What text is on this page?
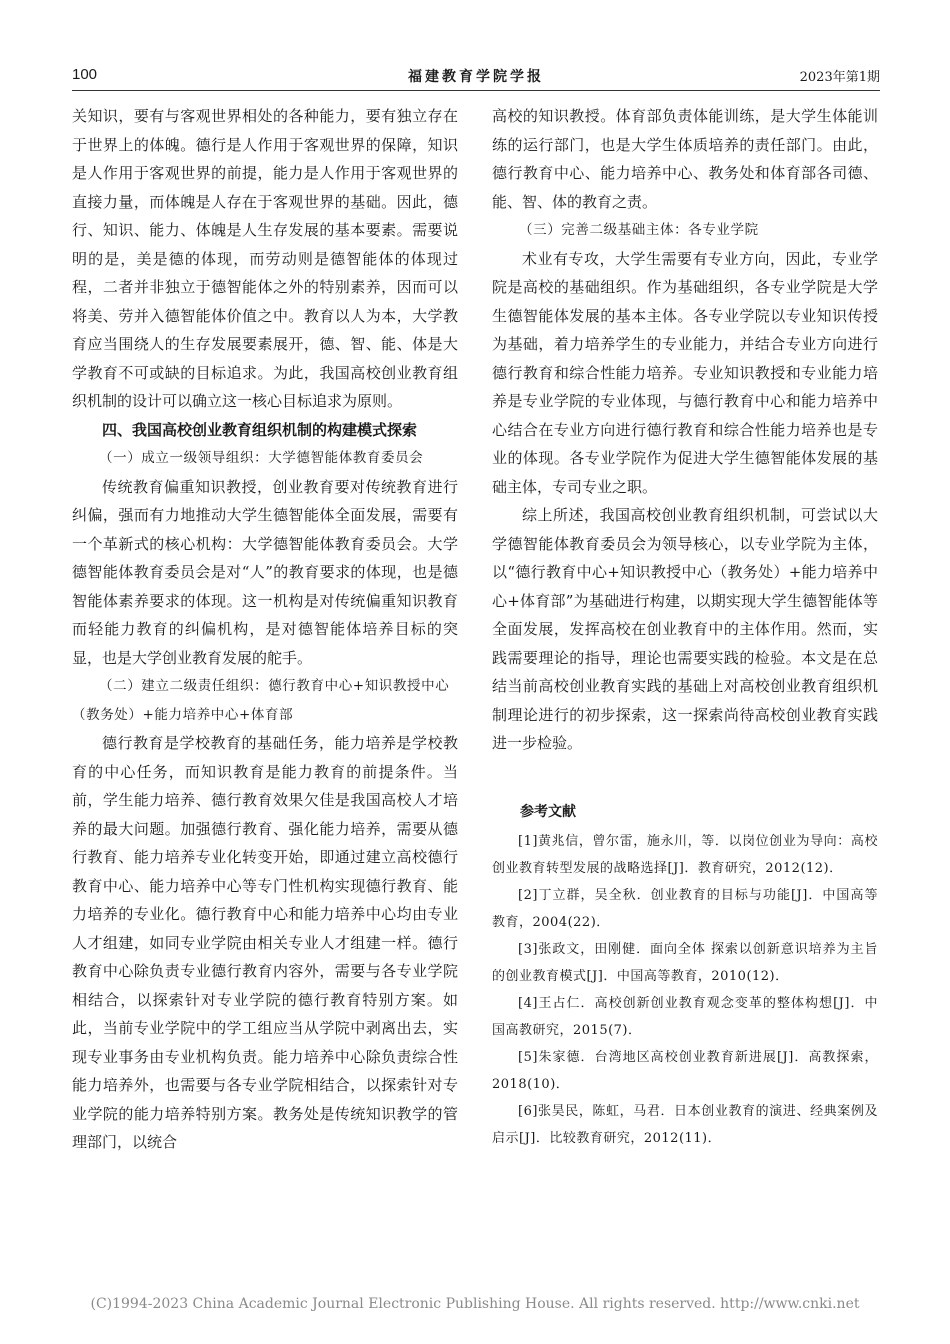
100	福建教育学院学报	2023年第1期

关知识，要有与客观世界相处的各种能力，要有独立存在于世界上的体魄。德行是人作用于客观世界的保障，知识是人作用于客观世界的前提，能力是人作用于客观世界的直接力量，而体魄是人存在于客观世界的基础。因此，德行、知识、能力、体魄是人生存发展的基本要素。需要说明的是，美是德的体现，而劳动则是德智能体的体现过程，二者并非独立于德智能体之外的特别素养，因而可以将美、劳并入德智能体价值之中。教育以人为本，大学教育应当围绕人的生存发展要素展开，德、智、能、体是大学教育不可或缺的目标追求。为此，我国高校创业教育组织机制的设计可以确立这一核心目标追求为原则。

四、我国高校创业教育组织机制的构建模式探索
（一）成立一级领导组织：大学德智能体教育委员会

传统教育偏重知识教授，创业教育要对传统教育进行纠偏，强而有力地推动大学生德智能体全面发展，需要有一个革新式的核心机构：大学德智能体教育委员会。大学德智能体教育委员会是对“人”的教育要求的体现，也是德智能体素养要求的体现。这一机构是对传统偏重知识教育而轻能力教育的纠偏机构，是对德智能体培养目标的突显，也是大学创业教育发展的舵手。

（二）建立二级责任组织：德行教育中心+知识教授中心（教务处）+能力培养中心+体育部

德行教育是学校教育的基础任务，能力培养是学校教育的中心任务，而知识教育是能力教育的前提条件。当前，学生能力培养、德行教育效果欠佳是我国高校人才培养的最大问题。加强德行教育、强化能力培养，需要从德行教育、能力培养专业化转变开始，即通过建立高校德行教育中心、能力培养中心等专门性机构实现德行教育、能力培养的专业化。德行教育中心和能力培养中心均由专业人才组建，如同专业学院由相关专业人才组建一样。德行教育中心除负责专业德行教育内容外，需要与各专业学院相结合，以探索针对专业学院的德行教育特别方案。如此，当前专业学院中的学工组应当从学院中剥离出去，实现专业事务由专业机构负责。能力培养中心除负责综合性能力培养外，也需要与各专业学院相结合，以探索针对专业学院的能力培养特别方案。教务处是传统知识教学的管理部门，以统合

高校的知识教授。体育部负责体能训练，是大学生体能训练的运行部门，也是大学生体质培养的责任部门。由此，德行教育中心、能力培养中心、教务处和体育部各司德、能、智、体的教育之责。

（三）完善二级基础主体：各专业学院

术业有专攻，大学生需要有专业方向，因此，专业学院是高校的基础组织。作为基础组织，各专业学院是大学生德智能体发展的基本主体。各专业学院以专业知识传授为基础，着力培养学生的专业能力，并结合专业方向进行德行教育和综合性能力培养。专业知识教授和专业能力培养是专业学院的专业体现，与德行教育中心和能力培养中心结合在专业方向进行德行教育和综合性能力培养也是专业的体现。各专业学院作为促进大学生德智能体发展的基础主体，专司专业之职。

综上所述，我国高校创业教育组织机制，可尝试以大学德智能体教育委员会为领导核心，以专业学院为主体，以“德行教育中心+知识教授中心（教务处）+能力培养中心+体育部”为基础进行构建，以期实现大学生德智能体等全面发展，发挥高校在创业教育中的主体作用。然而，实践需要理论的指导，理论也需要实践的检验。本文是在总结当前高校创业教育实践的基础上对高校创业教育组织机制理论进行的初步探索，这一探索尚待高校创业教育实践进一步检验。

参考文献
[1]黄兆信，曾尔雷，施永川，等．以岗位创业为导向：高校创业教育转型发展的战略选择[J]．教育研究，2012(12)．
[2]丁立群，吴全秋．创业教育的目标与功能[J]．中国高等教育，2004(22)．
[3]张政文，田刚健．面向全体 探索以创新意识培养为主旨的创业教育模式[J]．中国高等教育，2010(12)．
[4]王占仁．高校创新创业教育观念变革的整体构想[J]．中国高教研究，2015(7)．
[5]朱家德．台湾地区高校创业教育新进展[J]．高教探索，2018(10)．
[6]张昊民，陈虹，马君．日本创业教育的演进、经典案例及启示[J]．比较教育研究，2012(11)．
(C)1994-2023 China Academic Journal Electronic Publishing House. All rights reserved. http://www.cnki.net
